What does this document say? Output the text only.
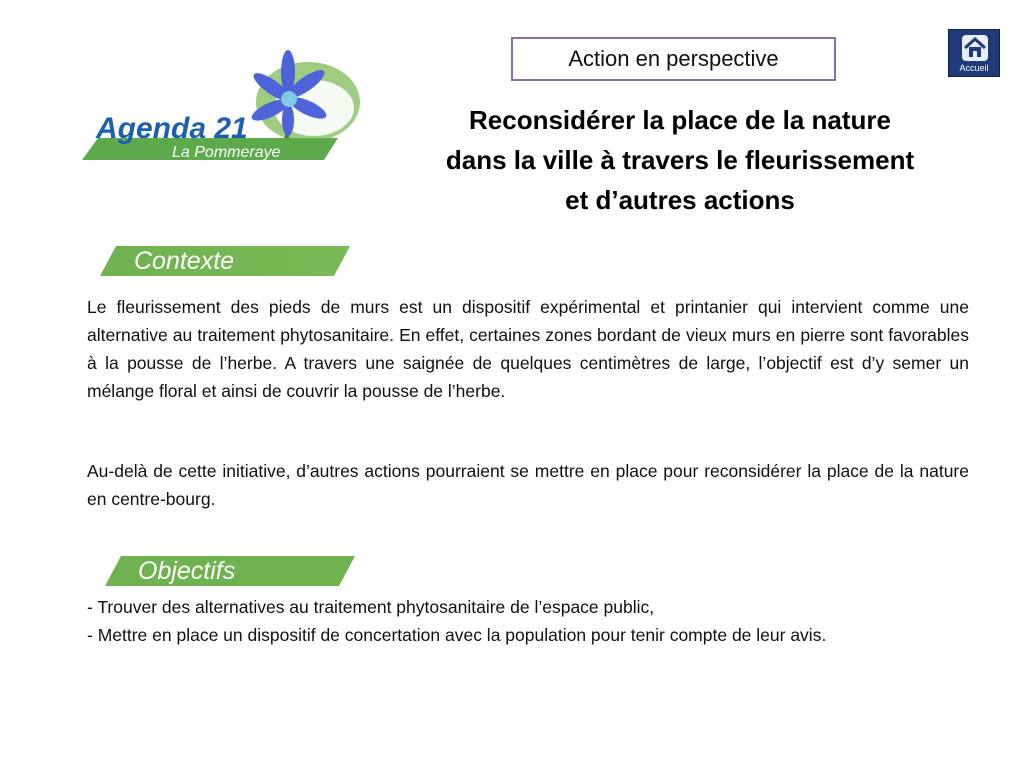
Agenda 21
La Pommeraye
Action en perspective	Accueil
Reconsidérer la place de la nature
dans la ville à travers le fleurissement
et d’autres actions
Contexte
Le fleurissement des pieds de murs est un dispositif expérimental et printanier qui intervient comme une alternative au traitement phytosanitaire. En effet, certaines zones bordant de vieux murs en pierre sont favorables à la pousse de l’herbe. A travers une saignée de quelques centimètres de large, l’objectif est d’y semer un mélange floral et ainsi de couvrir la pousse de l’herbe.
Au-delà de cette initiative, d’autres actions pourraient se mettre en place pour reconsidérer la place de la nature en centre-bourg.
Objectifs
- Trouver des alternatives au traitement phytosanitaire de l’espace public,
- Mettre en place un dispositif de concertation avec la population pour tenir compte de leur avis.
